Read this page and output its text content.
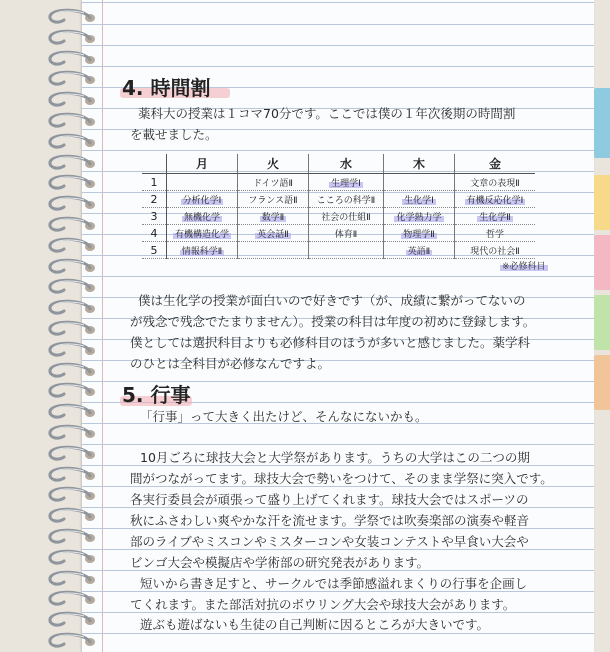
4. 時間割
薬科大の授業は１コマ70分です。ここでは僕の１年次後期の時間割
を載せました。
	月	火	水	木	金
1		ドイツ語Ⅱ	生理学Ⅰ		文章の表現Ⅱ
2	分析化学Ⅰ	フランス語Ⅱ	こころの科学Ⅱ	生化学Ⅰ	有機反応化学Ⅰ
3	無機化学	数学Ⅱ	社会の仕組Ⅱ	化学熱力学	生化学Ⅱ
4	有機構造化学	英会話Ⅱ	体育Ⅱ	物理学Ⅱ	哲学
5	情報科学Ⅱ			英語Ⅱ	現代の社会Ⅱ
※必修科目
僕は生化学の授業が面白いので好きです（が、成績に繋がってないの
が残念で残念でたまりません）。授業の科目は年度の初めに登録します。
僕としては選択科目よりも必修科目のほうが多いと感じました。薬学科
のひとは全科目が必修なんですよ。
5. 行事
「行事」って大きく出たけど、そんなにないかも。
10月ごろに球技大会と大学祭があります。うちの大学はこの二つの期
間がつながってます。球技大会で勢いをつけて、そのまま学祭に突入です。
各実行委員会が頑張って盛り上げてくれます。球技大会ではスポーツの
秋にふさわしい爽やかな汗を流せます。学祭では吹奏楽部の演奏や軽音
部のライブやミスコンやミスターコンや女装コンテストや早食い大会や
ビンゴ大会や模擬店や学術部の研究発表があります。
短いから書き足すと、サークルでは季節感溢れまくりの行事を企画し
てくれます。また部活対抗のボウリング大会や球技大会があります。
遊ぶも遊ばないも生徒の自己判断に因るところが大きいです。
